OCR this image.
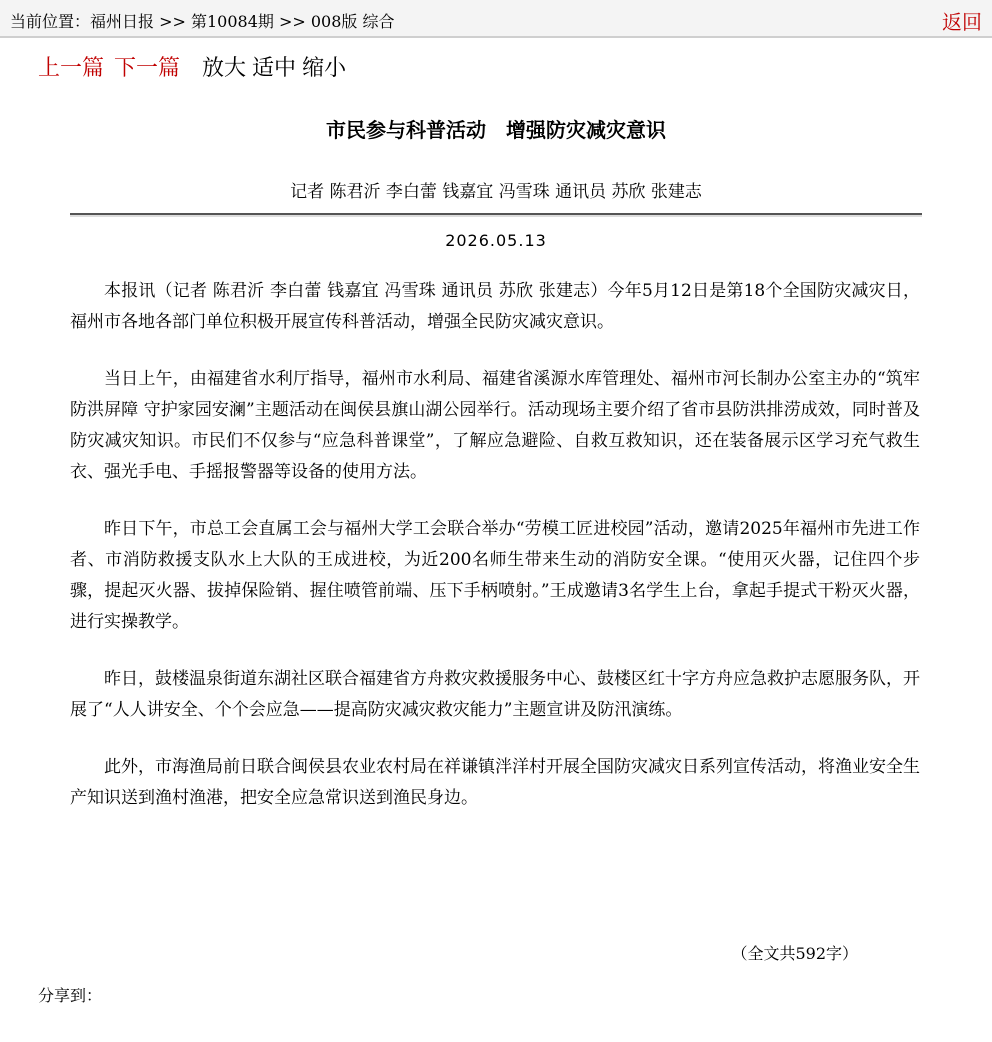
当前位置：福州日报 >> 第10084期 >> 008版 综合	返回
上一篇 下一篇 放大 适中 缩小
市民参与科普活动　增强防灾减灾意识
记者 陈君沂 李白蕾 钱嘉宜 冯雪珠 通讯员 苏欣 张建志
2026.05.13

本报讯（记者 陈君沂 李白蕾 钱嘉宜 冯雪珠 通讯员 苏欣 张建志）今年5月12日是第18个全国防灾减灾日，福州市各地各部门单位积极开展宣传科普活动，增强全民防灾减灾意识。

当日上午，由福建省水利厅指导，福州市水利局、福建省溪源水库管理处、福州市河长制办公室主办的“筑牢防洪屏障 守护家园安澜”主题活动在闽侯县旗山湖公园举行。活动现场主要介绍了省市县防洪排涝成效，同时普及防灾减灾知识。市民们不仅参与“应急科普课堂”，了解应急避险、自救互救知识，还在装备展示区学习充气救生衣、强光手电、手摇报警器等设备的使用方法。

昨日下午，市总工会直属工会与福州大学工会联合举办“劳模工匠进校园”活动，邀请2025年福州市先进工作者、市消防救援支队水上大队的王成进校，为近200名师生带来生动的消防安全课。“使用灭火器，记住四个步骤，提起灭火器、拔掉保险销、握住喷管前端、压下手柄喷射。”王成邀请3名学生上台，拿起手提式干粉灭火器，进行实操教学。

昨日，鼓楼温泉街道东湖社区联合福建省方舟救灾救援服务中心、鼓楼区红十字方舟应急救护志愿服务队，开展了“人人讲安全、个个会应急——提高防灾减灾救灾能力”主题宣讲及防汛演练。

此外，市海渔局前日联合闽侯县农业农村局在祥谦镇泮洋村开展全国防灾减灾日系列宣传活动，将渔业安全生产知识送到渔村渔港，把安全应急常识送到渔民身边。

（全文共592字）
分享到：
